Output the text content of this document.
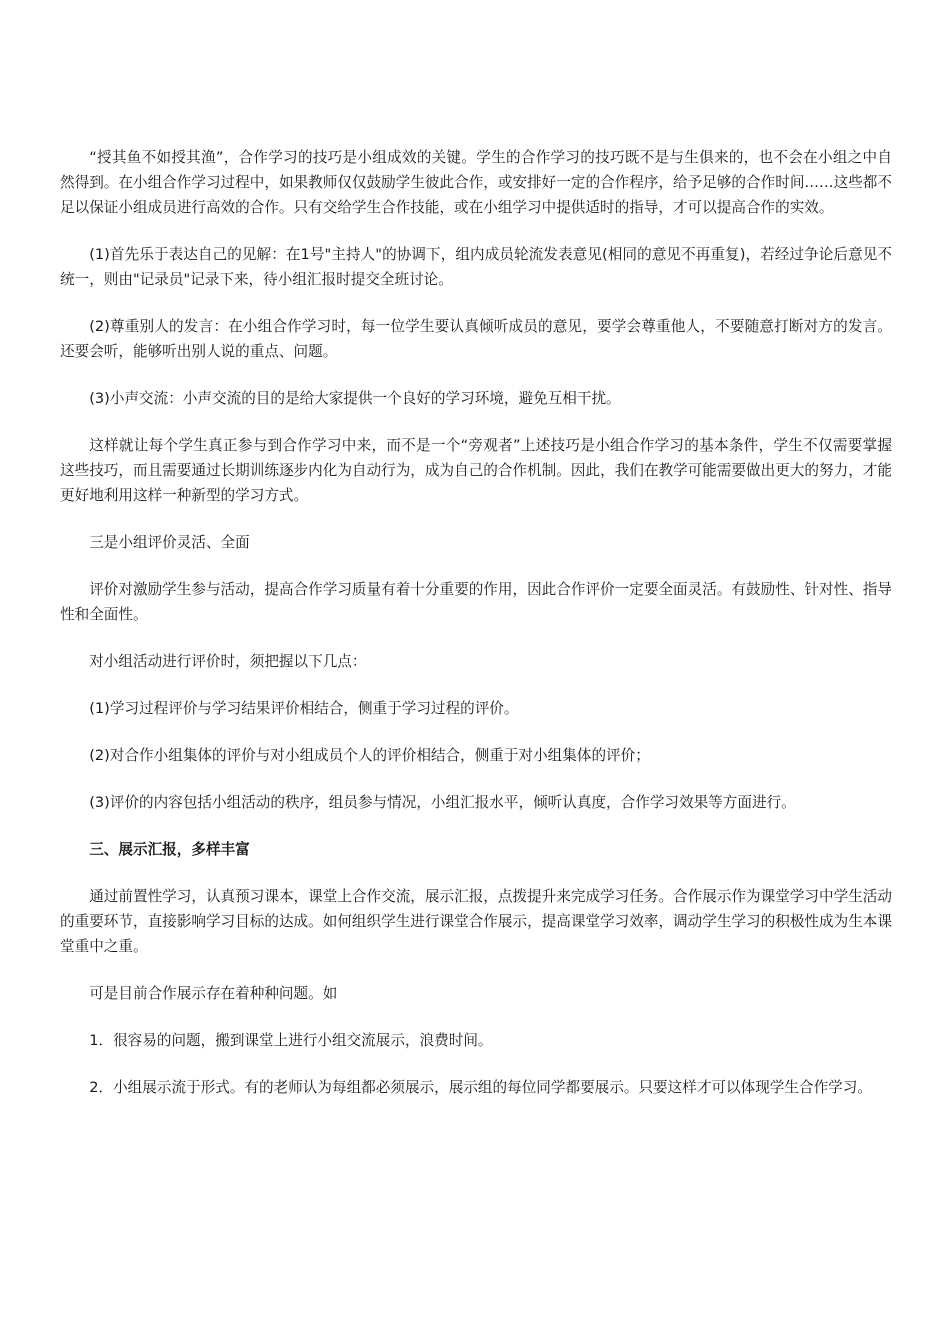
“授其鱼不如授其渔”，合作学习的技巧是小组成效的关键。学生的合作学习的技巧既不是与生俱来的，也不会在小组之中自然得到。在小组合作学习过程中，如果教师仅仅鼓励学生彼此合作，或安排好一定的合作程序，给予足够的合作时间……这些都不足以保证小组成员进行高效的合作。只有交给学生合作技能，或在小组学习中提供适时的指导，才可以提高合作的实效。

(1)首先乐于表达自己的见解：在1号"主持人"的协调下，组内成员轮流发表意见(相同的意见不再重复)，若经过争论后意见不统一，则由"记录员"记录下来，待小组汇报时提交全班讨论。

(2)尊重别人的发言：在小组合作学习时，每一位学生要认真倾听成员的意见，要学会尊重他人，不要随意打断对方的发言。还要会听，能够听出别人说的重点、问题。

(3)小声交流：小声交流的目的是给大家提供一个良好的学习环境，避免互相干扰。

这样就让每个学生真正参与到合作学习中来，而不是一个“旁观者”上述技巧是小组合作学习的基本条件，学生不仅需要掌握这些技巧，而且需要通过长期训练逐步内化为自动行为，成为自己的合作机制。因此，我们在教学可能需要做出更大的努力，才能更好地利用这样一种新型的学习方式。

三是小组评价灵活、全面

评价对激励学生参与活动，提高合作学习质量有着十分重要的作用，因此合作评价一定要全面灵活。有鼓励性、针对性、指导性和全面性。

对小组活动进行评价时，须把握以下几点：

(1)学习过程评价与学习结果评价相结合，侧重于学习过程的评价。

(2)对合作小组集体的评价与对小组成员个人的评价相结合，侧重于对小组集体的评价；

(3)评价的内容包括小组活动的秩序，组员参与情况，小组汇报水平，倾听认真度，合作学习效果等方面进行。

三、展示汇报，多样丰富

通过前置性学习，认真预习课本，课堂上合作交流，展示汇报，点拨提升来完成学习任务。合作展示作为课堂学习中学生活动的重要环节，直接影响学习目标的达成。如何组织学生进行课堂合作展示，提高课堂学习效率，调动学生学习的积极性成为生本课堂重中之重。

可是目前合作展示存在着种种问题。如

1．很容易的问题，搬到课堂上进行小组交流展示，浪费时间。

2．小组展示流于形式。有的老师认为每组都必须展示，展示组的每位同学都要展示。只要这样才可以体现学生合作学习。
